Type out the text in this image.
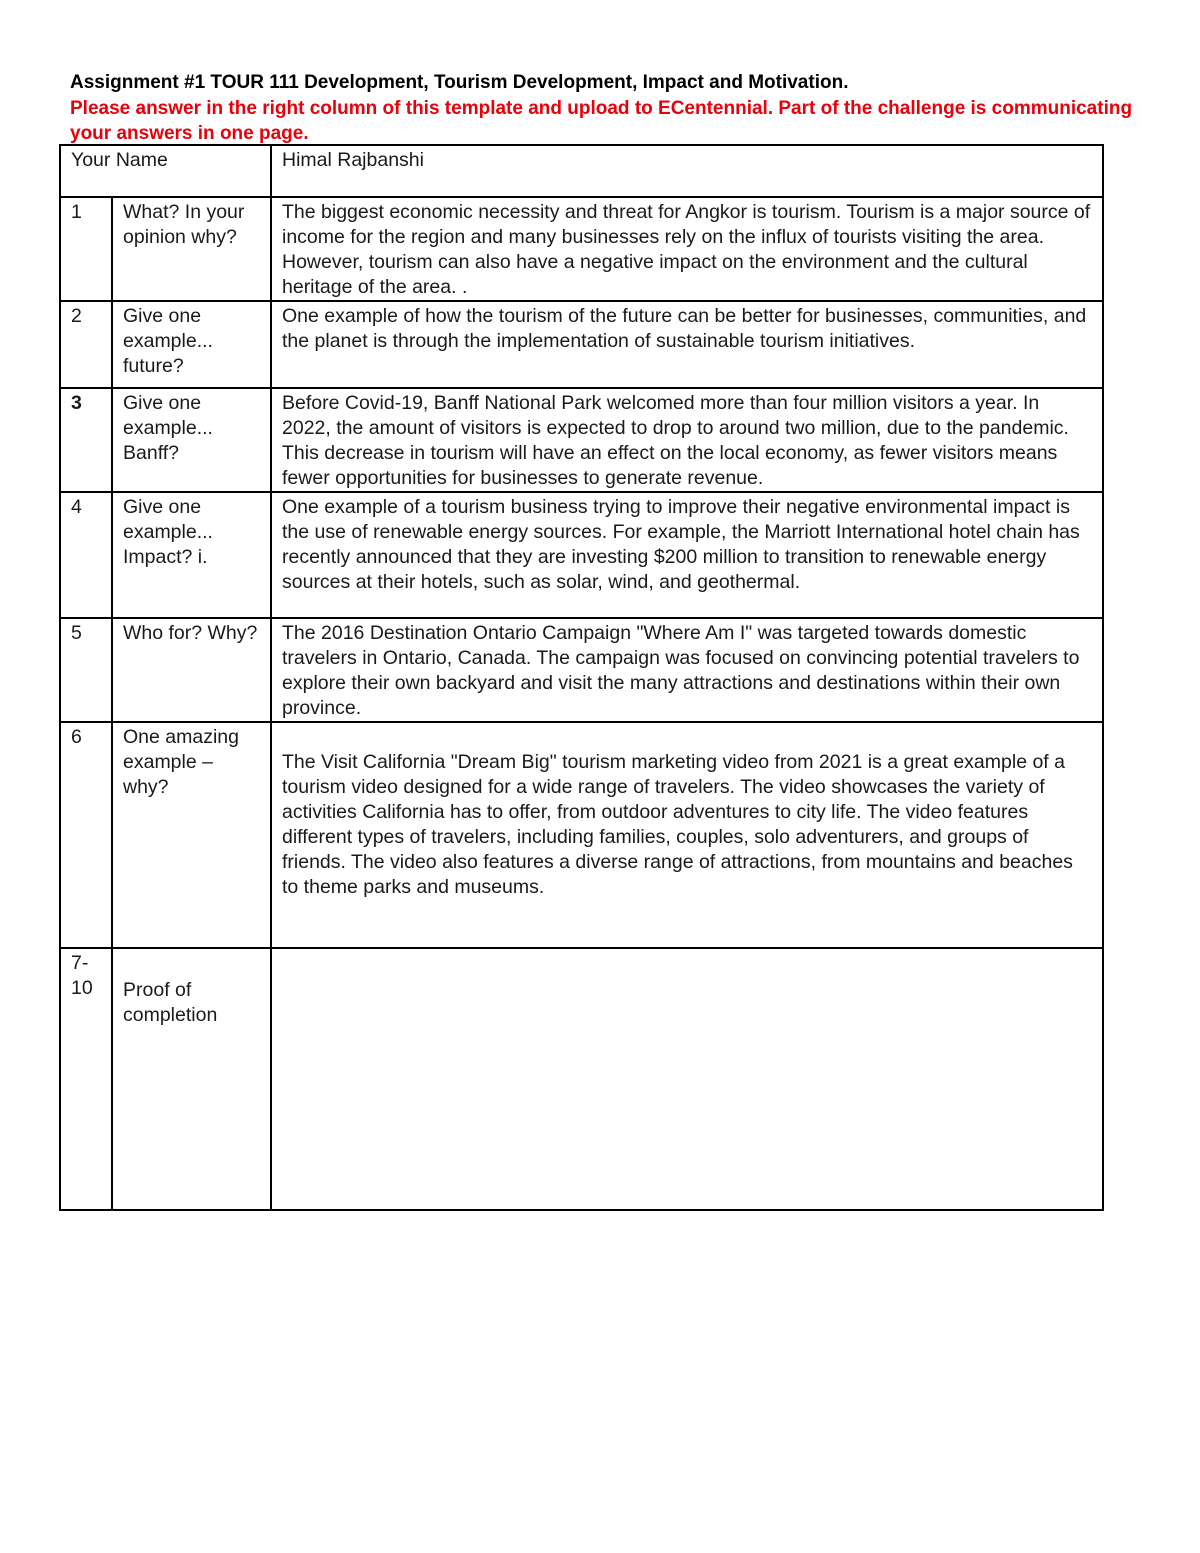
Assignment #1 TOUR 111 Development, Tourism Development, Impact and Motivation.
Please answer in the right column of this template and upload to ECentennial. Part of the challenge is communicating your answers in one page.
Your Name		Himal Rajbanshi
1	What? In your opinion why?	The biggest economic necessity and threat for Angkor is tourism. Tourism is a major source of income for the region and many businesses rely on the influx of tourists visiting the area. However, tourism can also have a negative impact on the environment and the cultural heritage of the area. .
2	Give one example... future?	One example of how the tourism of the future can be better for businesses, communities, and the planet is through the implementation of sustainable tourism initiatives.
3	Give one example... Banff?	Before Covid-19, Banff National Park welcomed more than four million visitors a year. In 2022, the amount of visitors is expected to drop to around two million, due to the pandemic. This decrease in tourism will have an effect on the local economy, as fewer visitors means fewer opportunities for businesses to generate revenue.
4	Give one example... Impact? i.	One example of a tourism business trying to improve their negative environmental impact is the use of renewable energy sources. For example, the Marriott International hotel chain has recently announced that they are investing $200 million to transition to renewable energy sources at their hotels, such as solar, wind, and geothermal.
5	Who for? Why?	The 2016 Destination Ontario Campaign "Where Am I" was targeted towards domestic travelers in Ontario, Canada. The campaign was focused on convincing potential travelers to explore their own backyard and visit the many attractions and destinations within their own province.
6	One amazing example – why?	The Visit California "Dream Big" tourism marketing video from 2021 is a great example of a tourism video designed for a wide range of travelers. The video showcases the variety of activities California has to offer, from outdoor adventures to city life. The video features different types of travelers, including families, couples, solo adventurers, and groups of friends. The video also features a diverse range of attractions, from mountains and beaches to theme parks and museums.
7-10	Proof of completion	
